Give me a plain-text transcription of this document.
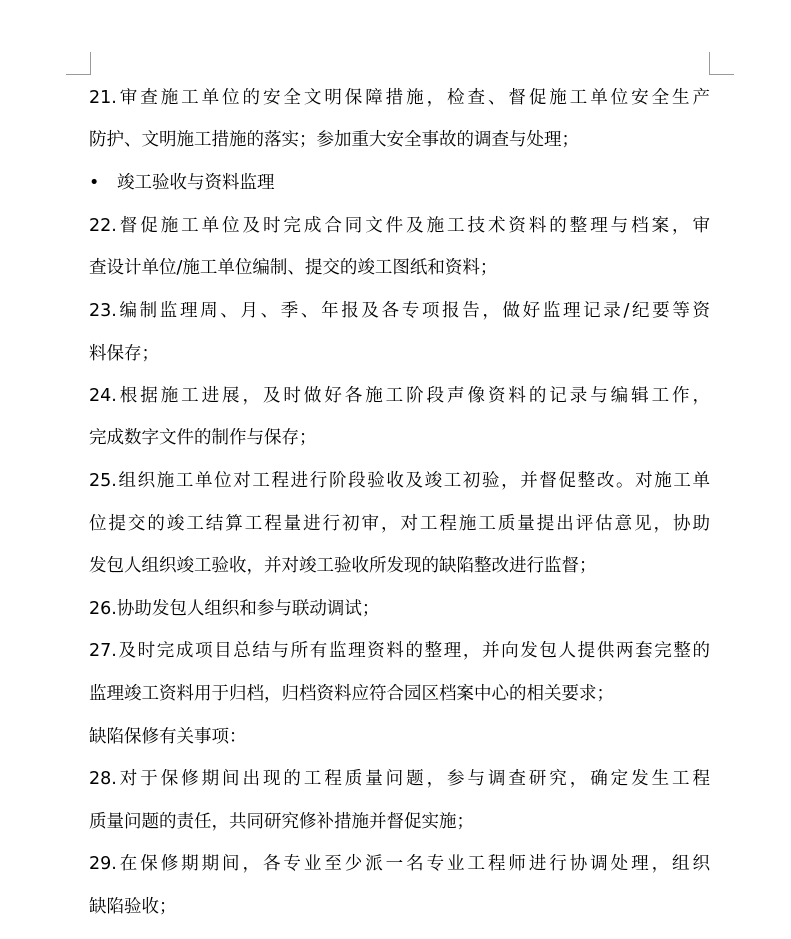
21.审查施工单位的安全文明保障措施，检查、督促施工单位安全生产
防护、文明施工措施的落实；参加重大安全事故的调查与处理；
• 竣工验收与资料监理
22.督促施工单位及时完成合同文件及施工技术资料的整理与档案，审
查设计单位/施工单位编制、提交的竣工图纸和资料；
23.编制监理周、月、季、年报及各专项报告，做好监理记录/纪要等资
料保存；
24.根据施工进展，及时做好各施工阶段声像资料的记录与编辑工作，
完成数字文件的制作与保存；
25.组织施工单位对工程进行阶段验收及竣工初验，并督促整改。对施工单
位提交的竣工结算工程量进行初审，对工程施工质量提出评估意见，协助
发包人组织竣工验收，并对竣工验收所发现的缺陷整改进行监督；
26.协助发包人组织和参与联动调试；
27.及时完成项目总结与所有监理资料的整理，并向发包人提供两套完整的
监理竣工资料用于归档，归档资料应符合园区档案中心的相关要求；
缺陷保修有关事项：
28.对于保修期间出现的工程质量问题，参与调查研究，确定发生工程
质量问题的责任，共同研究修补措施并督促实施；
29.在保修期期间，各专业至少派一名专业工程师进行协调处理，组织
缺陷验收；
